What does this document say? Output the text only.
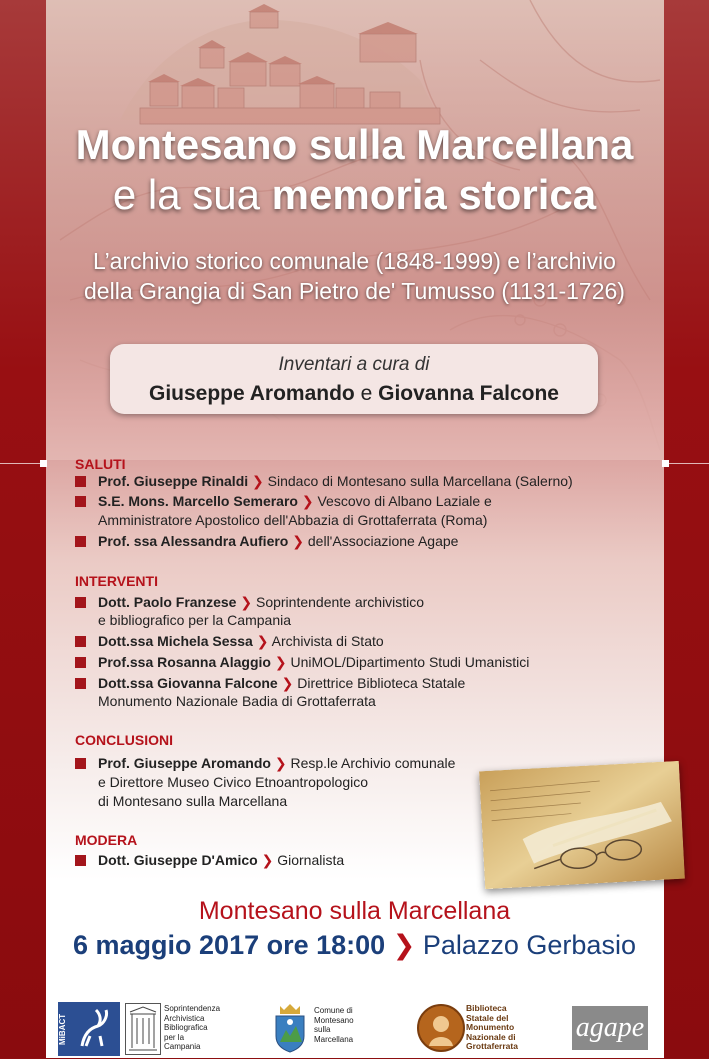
Montesano sulla Marcellana
e la sua memoria storica
L’archivio storico comunale (1848-1999) e l’archivio
della Grangia di San Pietro de' Tumusso (1131-1726)
Inventari a cura di
Giuseppe Aromando e Giovanna Falcone
SALUTI
Prof. Giuseppe Rinaldi ❯ Sindaco di Montesano sulla Marcellana (Salerno)
S.E. Mons. Marcello Semeraro ❯ Vescovo di Albano Laziale e
Amministratore Apostolico dell'Abbazia di Grottaferrata (Roma)
Prof. ssa Alessandra Aufiero ❯ dell'Associazione Agape
INTERVENTI
Dott. Paolo Franzese ❯ Soprintendente archivistico
e bibliografico per la Campania
Dott.ssa Michela Sessa ❯ Archivista di Stato
Prof.ssa Rosanna Alaggio ❯ UniMOL/Dipartimento Studi Umanistici
Dott.ssa Giovanna Falcone ❯ Direttrice Biblioteca Statale
Monumento Nazionale Badia di Grottaferrata
CONCLUSIONI
Prof. Giuseppe Aromando ❯ Resp.le Archivio comunale
e Direttore Museo Civico Etnoantropologico
di Montesano sulla Marcellana
MODERA
Dott. Giuseppe D'Amico ❯ Giornalista
Montesano sulla Marcellana
6 maggio 2017 ore 18:00 ❯ Palazzo Gerbasio
MiBACT
Soprintendenza
Archivistica
Bibliografica
per la
Campania
Comune di
Montesano
sulla
Marcellana
Biblioteca
Statale del
Monumento
Nazionale di
Grottaferrata
agape
